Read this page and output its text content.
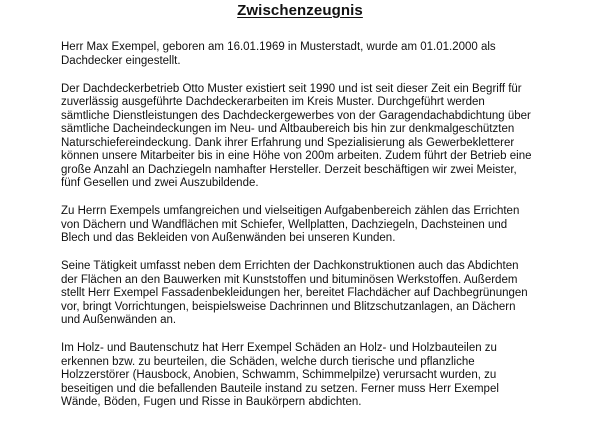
Zwischenzeugnis

Herr Max Exempel, geboren am 16.01.1969 in Musterstadt, wurde am 01.01.2000 als
Dachdecker eingestellt.

Der Dachdeckerbetrieb Otto Muster existiert seit 1990 und ist seit dieser Zeit ein Begriff für
zuverlässig ausgeführte Dachdeckerarbeiten im Kreis Muster. Durchgeführt werden
sämtliche Dienstleistungen des Dachdeckergewerbes von der Garagendachabdichtung über
sämtliche Dacheindeckungen im Neu- und Altbaubereich bis hin zur denkmalgeschützten
Naturschiefereindeckung. Dank ihrer Erfahrung und Spezialisierung als Gewerbekletterer
können unsere Mitarbeiter bis in eine Höhe von 200m arbeiten. Zudem führt der Betrieb eine
große Anzahl an Dachziegeln namhafter Hersteller. Derzeit beschäftigen wir zwei Meister,
fünf Gesellen und zwei Auszubildende.

Zu Herrn Exempels umfangreichen und vielseitigen Aufgabenbereich zählen das Errichten
von Dächern und Wandflächen mit Schiefer, Wellplatten, Dachziegeln, Dachsteinen und
Blech und das Bekleiden von Außenwänden bei unseren Kunden.

Seine Tätigkeit umfasst neben dem Errichten der Dachkonstruktionen auch das Abdichten
der Flächen an den Bauwerken mit Kunststoffen und bituminösen Werkstoffen. Außerdem
stellt Herr Exempel Fassadenbekleidungen her, bereitet Flachdächer auf Dachbegrünungen
vor, bringt Vorrichtungen, beispielsweise Dachrinnen und Blitzschutzanlagen, an Dächern
und Außenwänden an.

Im Holz- und Bautenschutz hat Herr Exempel Schäden an Holz- und Holzbauteilen zu
erkennen bzw. zu beurteilen, die Schäden, welche durch tierische und pflanzliche
Holzzerstörer (Hausbock, Anobien, Schwamm, Schimmelpilze) verursacht wurden, zu
beseitigen und die befallenden Bauteile instand zu setzen. Ferner muss Herr Exempel
Wände, Böden, Fugen und Risse in Baukörpern abdichten.
